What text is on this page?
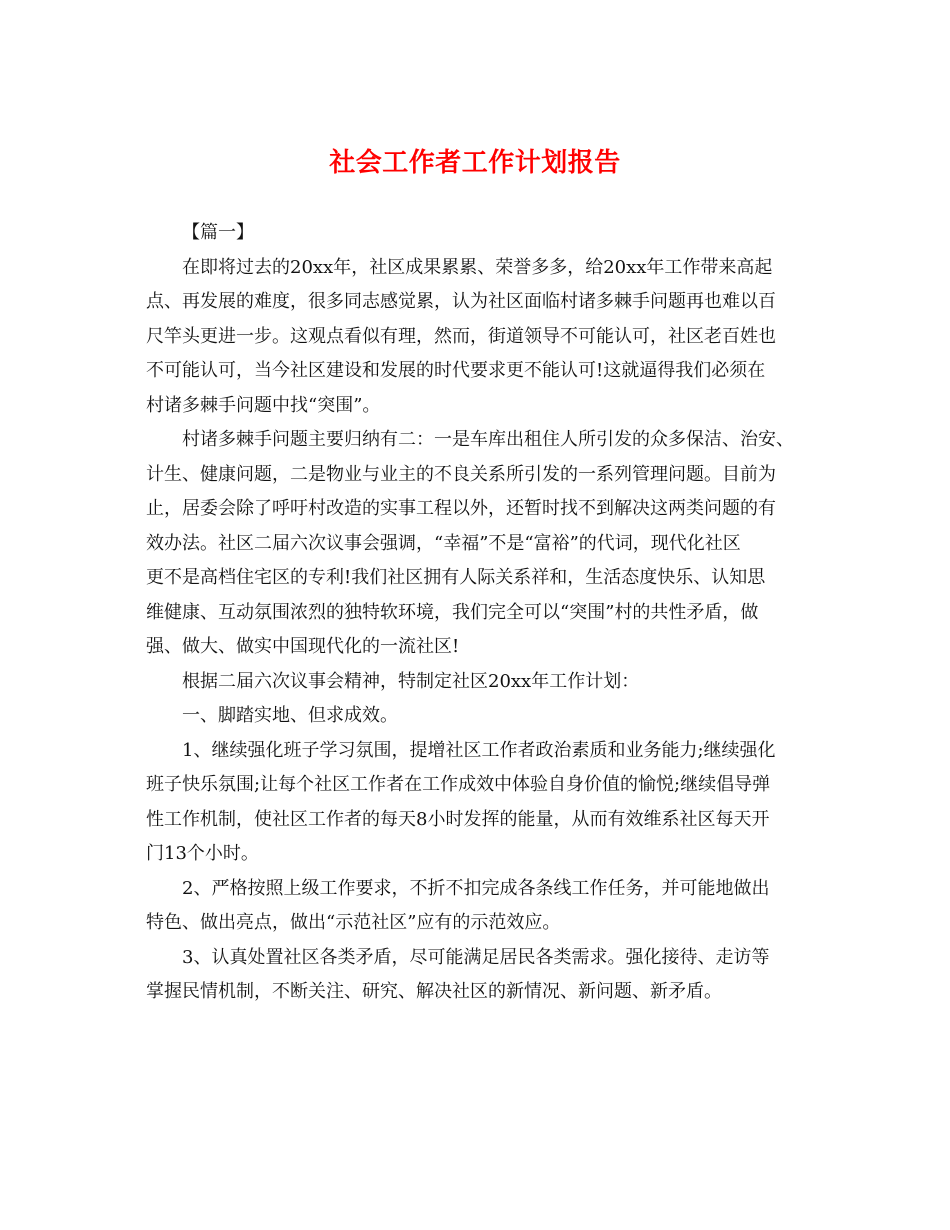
社会工作者工作计划报告
【篇一】
在即将过去的20xx年，社区成果累累、荣誉多多，给20xx年工作带来高起
点、再发展的难度，很多同志感觉累，认为社区面临村诸多棘手问题再也难以百
尺竿头更进一步。这观点看似有理，然而，街道领导不可能认可，社区老百姓也
不可能认可，当今社区建设和发展的时代要求更不能认可!这就逼得我们必须在
村诸多棘手问题中找“突围”。
村诸多棘手问题主要归纳有二：一是车库出租住人所引发的众多保洁、治安、
计生、健康问题，二是物业与业主的不良关系所引发的一系列管理问题。目前为
止，居委会除了呼吁村改造的实事工程以外，还暂时找不到解决这两类问题的有
效办法。社区二届六次议事会强调，“幸福”不是“富裕”的代词，现代化社区
更不是高档住宅区的专利!我们社区拥有人际关系祥和，生活态度快乐、认知思
维健康、互动氛围浓烈的独特软环境，我们完全可以“突围”村的共性矛盾，做
强、做大、做实中国现代化的一流社区!
根据二届六次议事会精神，特制定社区20xx年工作计划：
一、脚踏实地、但求成效。
1、继续强化班子学习氛围，提增社区工作者政治素质和业务能力;继续强化
班子快乐氛围;让每个社区工作者在工作成效中体验自身价值的愉悦;继续倡导弹
性工作机制，使社区工作者的每天8小时发挥的能量，从而有效维系社区每天开
门13个小时。
2、严格按照上级工作要求，不折不扣完成各条线工作任务，并可能地做出
特色、做出亮点，做出“示范社区”应有的示范效应。
3、认真处置社区各类矛盾，尽可能满足居民各类需求。强化接待、走访等
掌握民情机制，不断关注、研究、解决社区的新情况、新问题、新矛盾。
